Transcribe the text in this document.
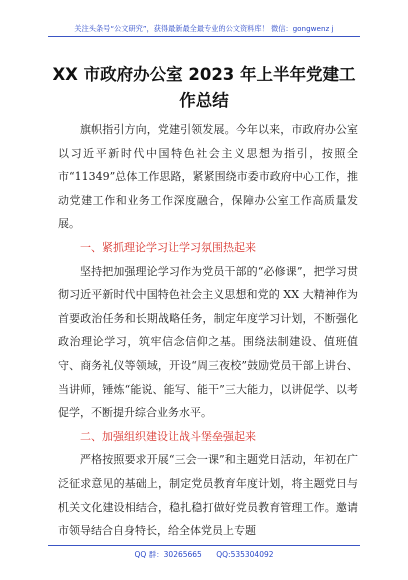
关注头条号“公文研究”，获得最新最全最专业的公文资料库！ 微信：gongwenz j
XX 市政府办公室 2023 年上半年党建工作总结

旗帜指引方向，党建引领发展。今年以来，市政府办公室以习近平新时代中国特色社会主义思想为指引，按照全市“11349”总体工作思路，紧紧围绕市委市政府中心工作，推动党建工作和业务工作深度融合，保障办公室工作高质量发展。

一、紧抓理论学习让学习氛围热起来

坚持把加强理论学习作为党员干部的“必修课”，把学习贯彻习近平新时代中国特色社会主义思想和党的 XX 大精神作为首要政治任务和长期战略任务，制定年度学习计划，不断强化政治理论学习，筑牢信念信仰之基。围绕法制建设、值班值守、商务礼仪等领域，开设“周三夜校”鼓励党员干部上讲台、当讲师，锤炼“能说、能写、能干”三大能力，以讲促学、以考促学，不断提升综合业务水平。

二、加强组织建设让战斗堡垒强起来

严格按照要求开展“三会一课”和主题党日活动，年初在广泛征求意见的基础上，制定党员教育年度计划，将主题党日与机关文化建设相结合，稳扎稳打做好党员教育管理工作。邀请市领导结合自身特长，给全体党员上专题

QQ 群：30265665 QQ:535304092
